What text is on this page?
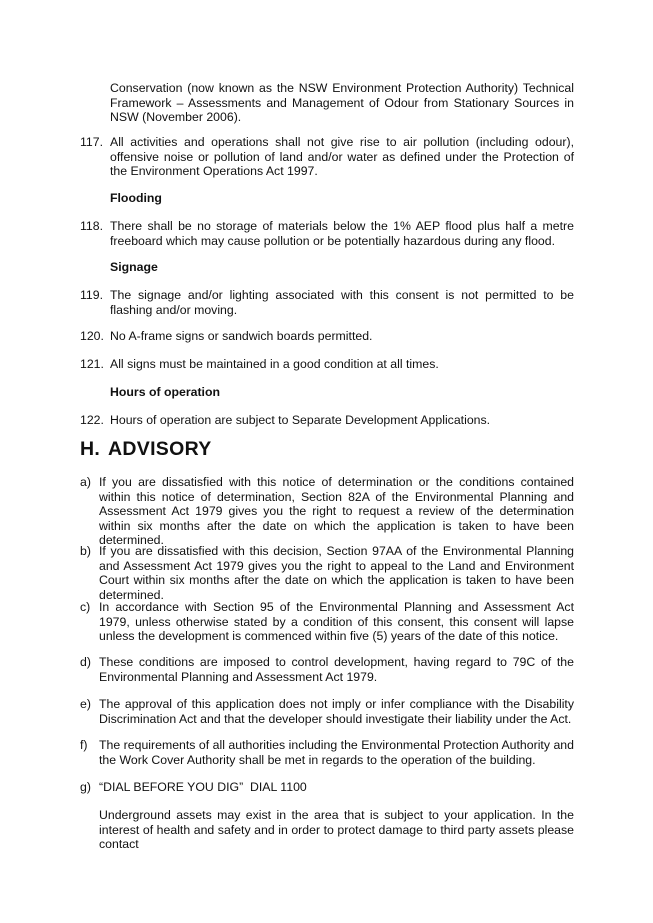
Conservation (now known as the NSW Environment Protection Authority) Technical Framework – Assessments and Management of Odour from Stationary Sources in NSW (November 2006).
117. All activities and operations shall not give rise to air pollution (including odour), offensive noise or pollution of land and/or water as defined under the Protection of the Environment Operations Act 1997.
Flooding
118. There shall be no storage of materials below the 1% AEP flood plus half a metre freeboard which may cause pollution or be potentially hazardous during any flood.
Signage
119. The signage and/or lighting associated with this consent is not permitted to be flashing and/or moving.
120. No A-frame signs or sandwich boards permitted.
121. All signs must be maintained in a good condition at all times.
Hours of operation
122. Hours of operation are subject to Separate Development Applications.
H. ADVISORY
a) If you are dissatisfied with this notice of determination or the conditions contained within this notice of determination, Section 82A of the Environmental Planning and Assessment Act 1979 gives you the right to request a review of the determination within six months after the date on which the application is taken to have been determined.
b) If you are dissatisfied with this decision, Section 97AA of the Environmental Planning and Assessment Act 1979 gives you the right to appeal to the Land and Environment Court within six months after the date on which the application is taken to have been determined.
c) In accordance with Section 95 of the Environmental Planning and Assessment Act 1979, unless otherwise stated by a condition of this consent, this consent will lapse unless the development is commenced within five (5) years of the date of this notice.
d) These conditions are imposed to control development, having regard to 79C of the Environmental Planning and Assessment Act 1979.
e) The approval of this application does not imply or infer compliance with the Disability Discrimination Act and that the developer should investigate their liability under the Act.
f) The requirements of all authorities including the Environmental Protection Authority and the Work Cover Authority shall be met in regards to the operation of the building.
g) “DIAL BEFORE YOU DIG”  DIAL 1100
Underground assets may exist in the area that is subject to your application. In the interest of health and safety and in order to protect damage to third party assets please contact
